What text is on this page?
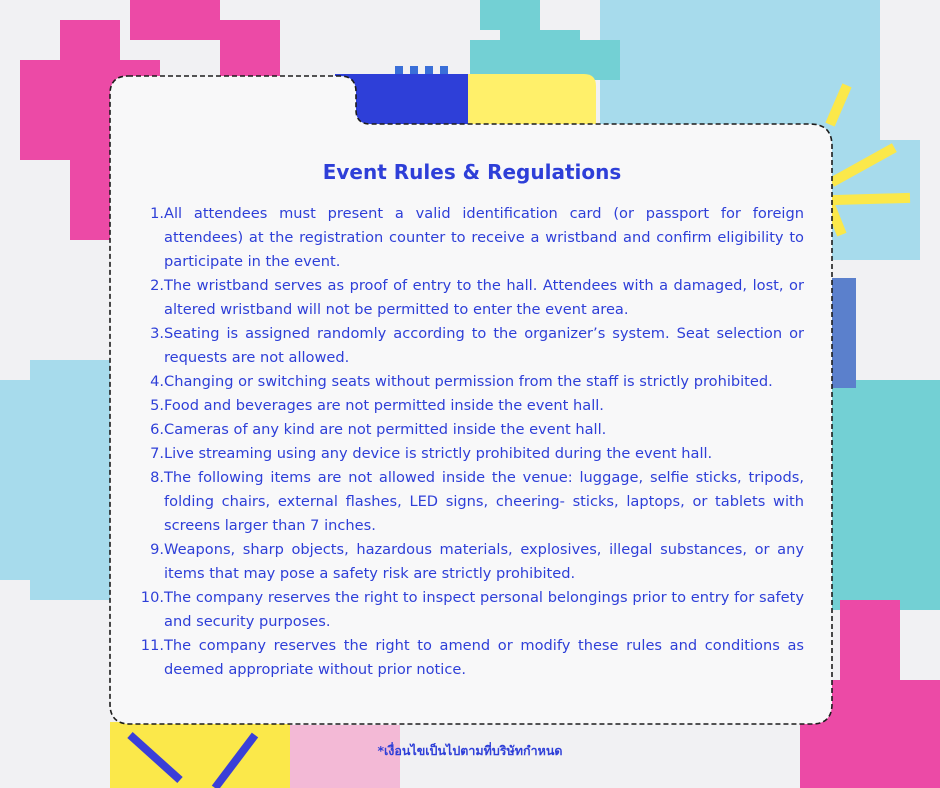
Event Rules & Regulations
1. All attendees must present a valid identification card (or passport for foreign attendees) at the registration counter to receive a wristband and confirm eligibility to participate in the event.
2. The wristband serves as proof of entry to the hall. Attendees with a damaged, lost, or altered wristband will not be permitted to enter the event area.
3. Seating is assigned randomly according to the organizer’s system. Seat selection or requests are not allowed.
4. Changing or switching seats without permission from the staff is strictly prohibited.
5. Food and beverages are not permitted inside the event hall.
6. Cameras of any kind are not permitted inside the event hall.
7. Live streaming using any device is strictly prohibited during the event hall.
8. The following items are not allowed inside the venue: luggage, selfie sticks, tripods, folding chairs, external flashes, LED signs, cheering- sticks, laptops, or tablets with screens larger than 7 inches.
9. Weapons, sharp objects, hazardous materials, explosives, illegal substances, or any items that may pose a safety risk are strictly prohibited.
10. The company reserves the right to inspect personal belongings prior to entry for safety and security purposes.
11. The company reserves the right to amend or modify these rules and conditions as deemed appropriate without prior notice.
*เงื่อนไขเป็นไปตามที่บริษัทกำหนด
